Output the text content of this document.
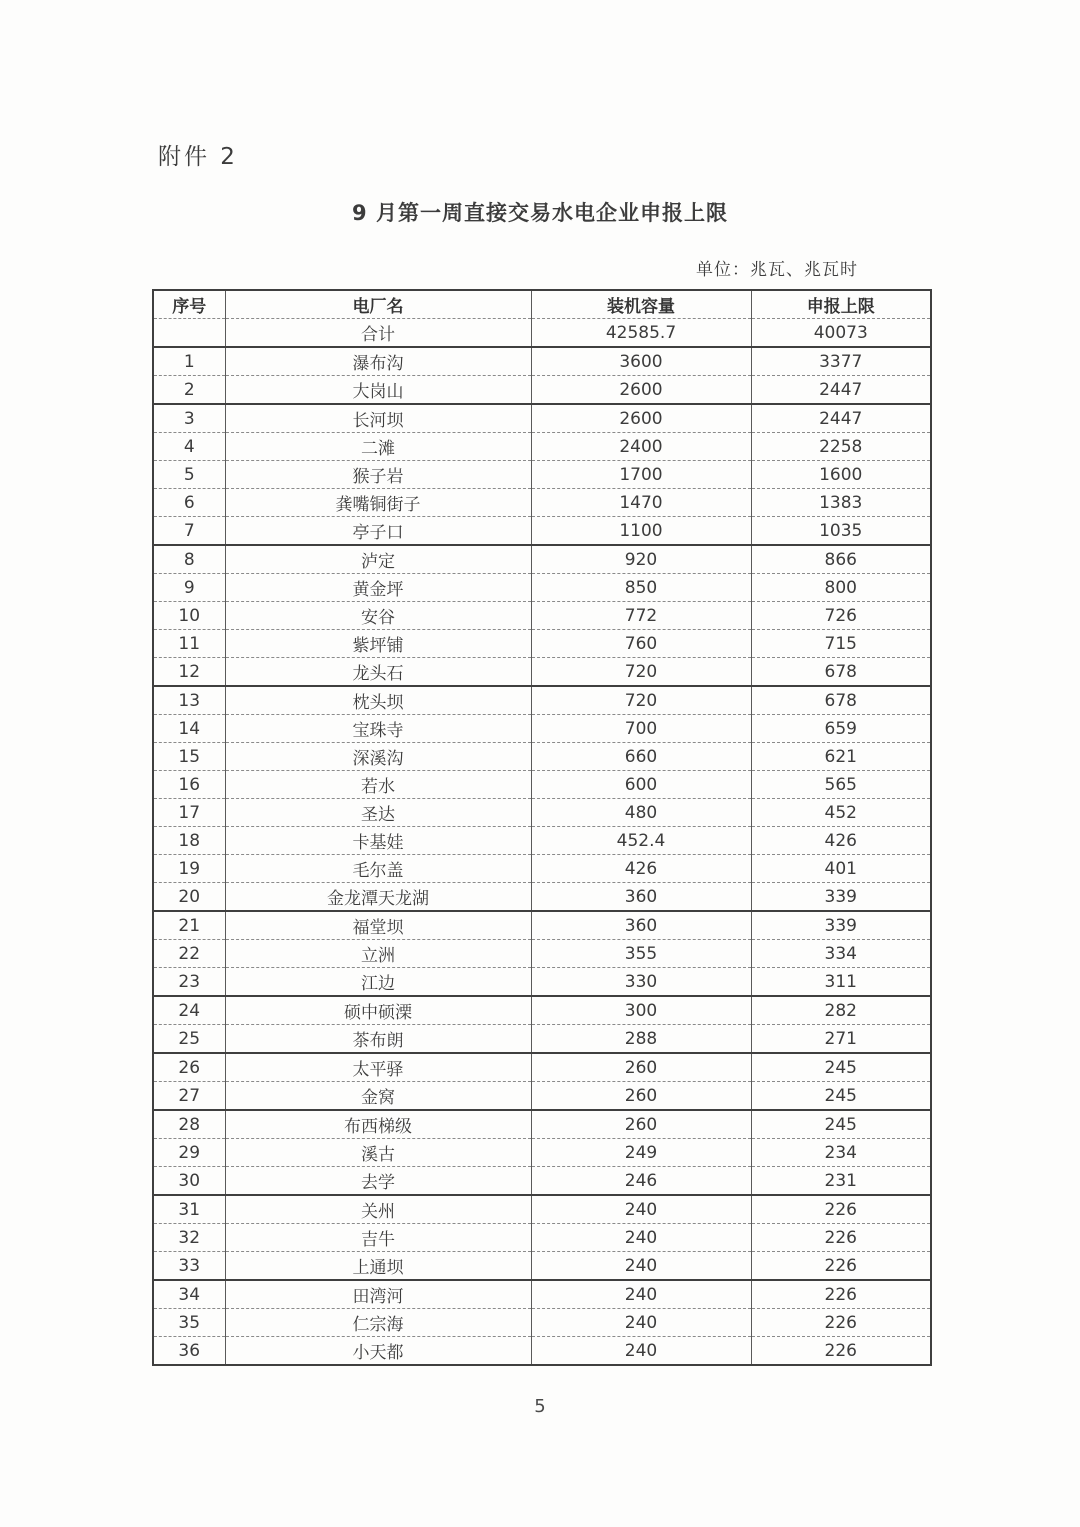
附件 2
9 月第一周直接交易水电企业申报上限
单位：兆瓦、兆瓦时
序号	电厂名	装机容量	申报上限
	合计	42585.7	40073
1	瀑布沟	3600	3377
2	大岗山	2600	2447
3	长河坝	2600	2447
4	二滩	2400	2258
5	猴子岩	1700	1600
6	龚嘴铜街子	1470	1383
7	亭子口	1100	1035
8	泸定	920	866
9	黄金坪	850	800
10	安谷	772	726
11	紫坪铺	760	715
12	龙头石	720	678
13	枕头坝	720	678
14	宝珠寺	700	659
15	深溪沟	660	621
16	若水	600	565
17	圣达	480	452
18	卡基娃	452.4	426
19	毛尔盖	426	401
20	金龙潭天龙湖	360	339
21	福堂坝	360	339
22	立洲	355	334
23	江边	330	311
24	硕中硕溧	300	282
25	茶布朗	288	271
26	太平驿	260	245
27	金窝	260	245
28	布西梯级	260	245
29	溪古	249	234
30	去学	246	231
31	关州	240	226
32	吉牛	240	226
33	上通坝	240	226
34	田湾河	240	226
35	仁宗海	240	226
36	小天都	240	226
5
